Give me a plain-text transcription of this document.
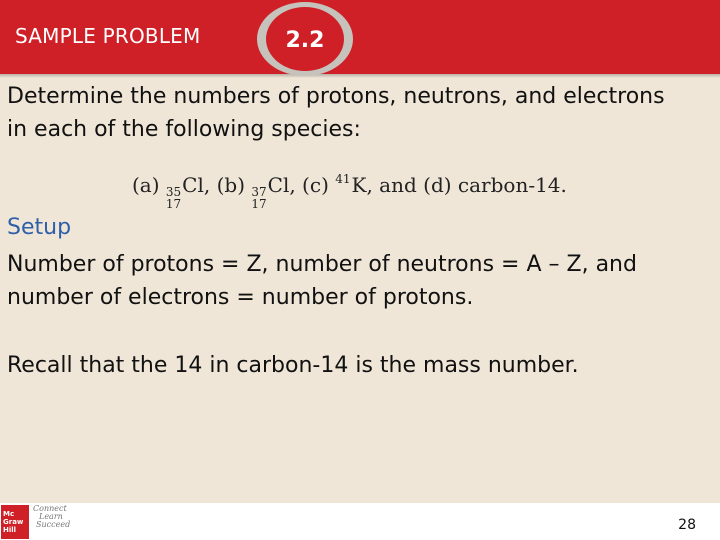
SAMPLE PROBLEM	2.2

Determine the numbers of protons, neutrons, and electrons

in each of the following species:

(a) 35
17
Cl, (b) 37
17
Cl, (c) 41K, and (d) carbon-14.
Setup

Number of protons = Z, number of neutrons = A – Z, and

number of electrons = number of protons.

Recall that the 14 in carbon-14 is the mass number.

Mc
Graw
Hill
Connect
Learn
Succeed	28
